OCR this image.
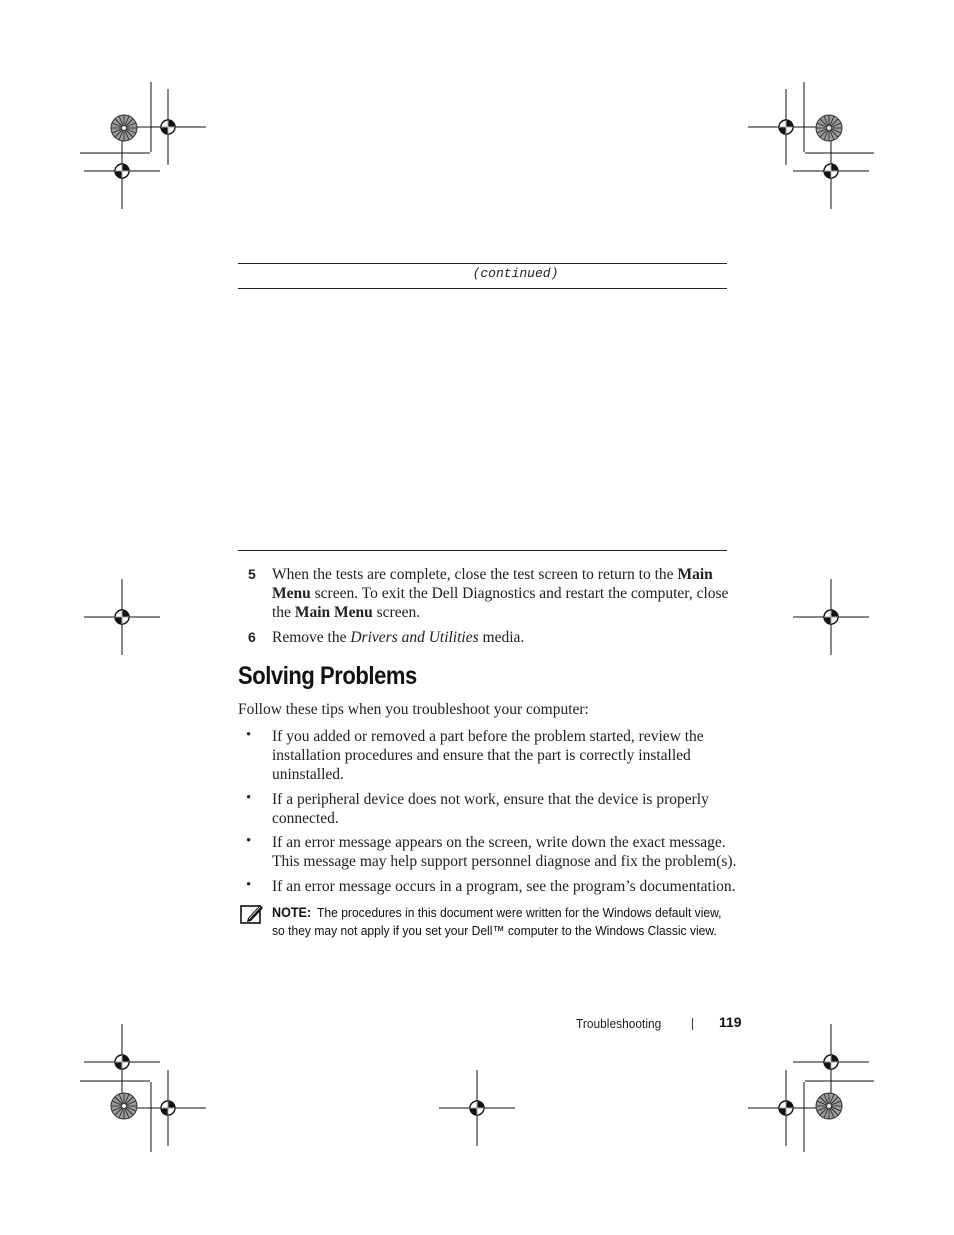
(continued)
5 When the tests are complete, close the test screen to return to the Main Menu screen. To exit the Dell Diagnostics and restart the computer, close the Main Menu screen.
6 Remove the Drivers and Utilities media.
Solving Problems
Follow these tips when you troubleshoot your computer:
• If you added or removed a part before the problem started, review the installation procedures and ensure that the part is correctly installed uninstalled.
• If a peripheral device does not work, ensure that the device is properly connected.
• If an error message appears on the screen, write down the exact message. This message may help support personnel diagnose and fix the problem(s).
• If an error message occurs in a program, see the program’s documentation.
NOTE: The procedures in this document were written for the Windows default view, so they may not apply if you set your Dell™ computer to the Windows Classic view.
Troubleshooting	119
